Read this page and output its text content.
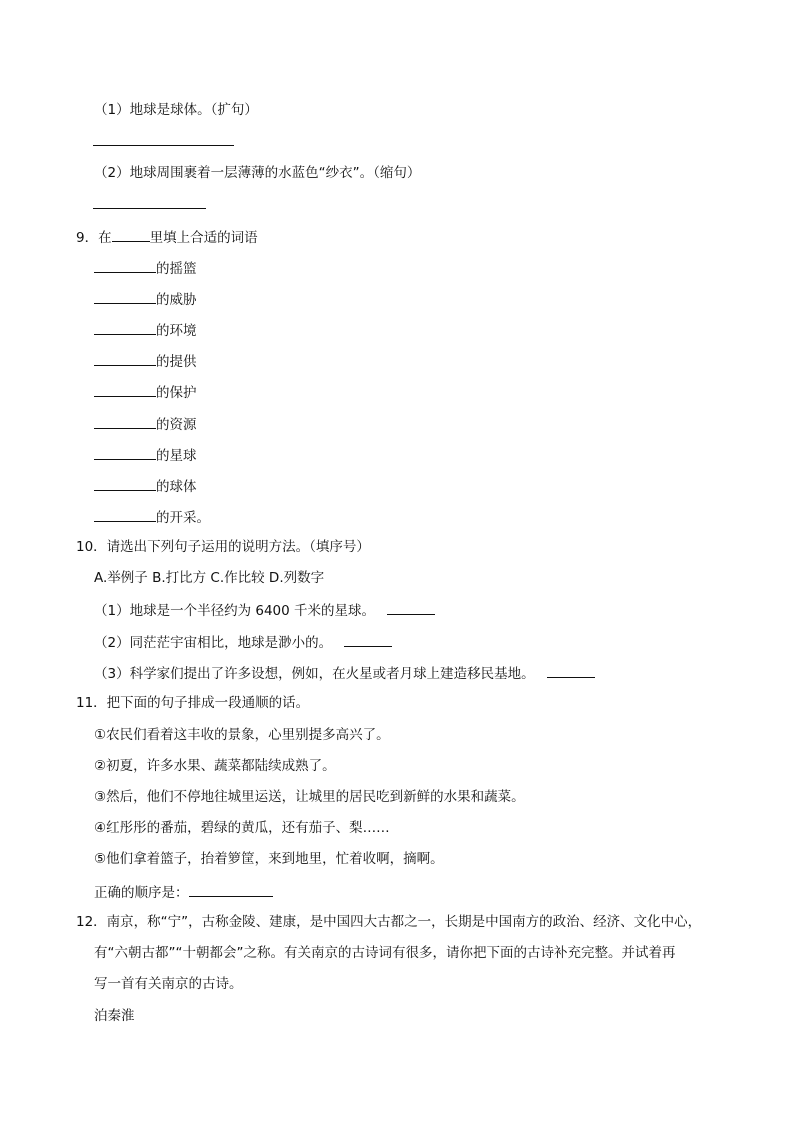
（1）地球是球体。（扩句）
（2）地球周围裹着一层薄薄的水蓝色“纱衣”。（缩句）
9．在	里填上合适的词语
的摇篮
的威胁
的环境
的提供
的保护
的资源
的星球
的球体
的开采。
10．请选出下列句子运用的说明方法。（填序号）
A.举例子 B.打比方 C.作比较 D.列数字
（1）地球是一个半径约为 6400 千米的星球。
（2）同茫茫宇宙相比，地球是渺小的。
（3）科学家们提出了许多设想，例如，在火星或者月球上建造移民基地。
11．把下面的句子排成一段通顺的话。
①农民们看着这丰收的景象，心里别提多高兴了。
②初夏，许多水果、蔬菜都陆续成熟了。
③然后，他们不停地往城里运送，让城里的居民吃到新鲜的水果和蔬菜。
④红彤彤的番茄，碧绿的黄瓜，还有茄子、梨……
⑤他们拿着篮子，抬着箩筐，来到地里，忙着收啊，摘啊。
正确的顺序是：
12．南京，称“宁”，古称金陵、建康，是中国四大古都之一，长期是中国南方的政治、经济、文化中心，
有“六朝古都”“十朝都会”之称。有关南京的古诗词有很多，请你把下面的古诗补充完整。并试着再
写一首有关南京的古诗。
泊秦淮
